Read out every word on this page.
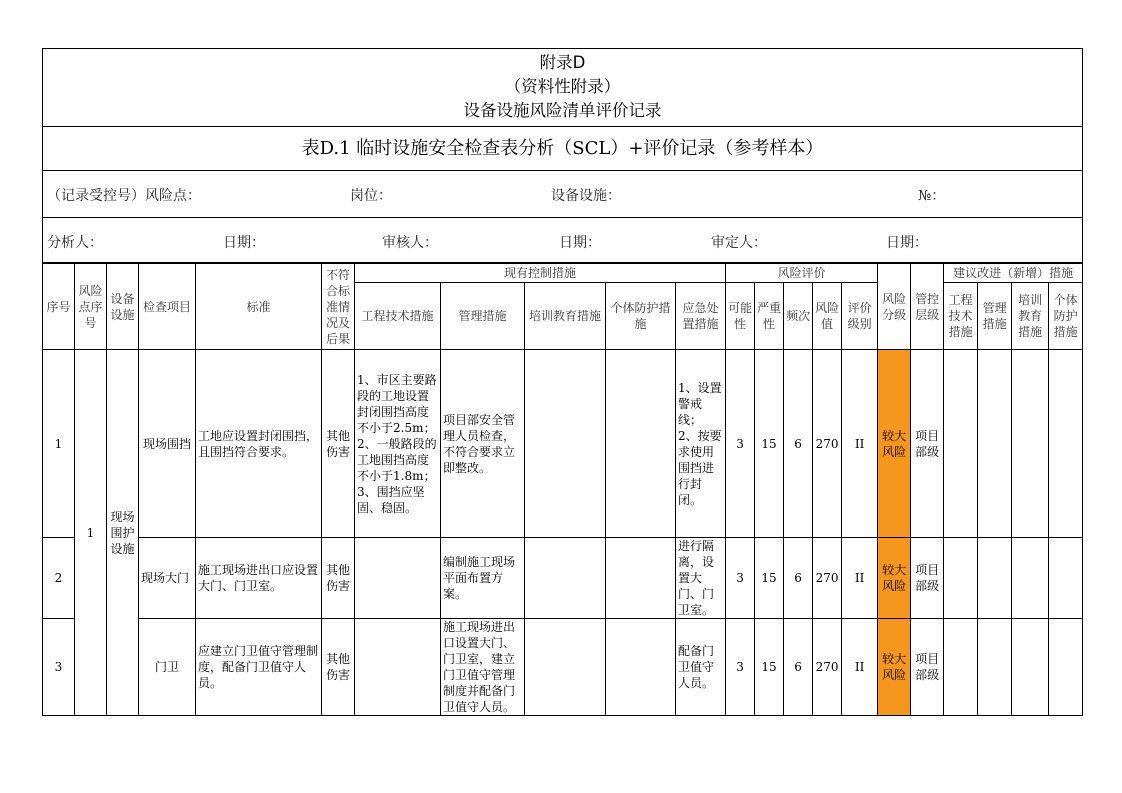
附录D
（资料性附录）
设备设施风险清单评价记录
表D.1 临时设施安全检查表分析（SCL）+评价记录（参考样本）
（记录受控号）风险点：	岗位：	设备设施：	№：
分析人：	日期：	审核人：	日期：	审定人：	日期：
序号	风险点序号	设备设施	检查项目	标准	不符合标准情况及后果	现有控制措施					风险评价					风险分级	管控层级	建议改进（新增）措施			
						工程技术措施	管理措施	培训教育措施	个体防护措施	应急处置措施	可能性	严重性	频次	风险值	评价级别			工程技术措施	管理措施	培训教育措施	个体防护措施
1	1	现场围护设施	现场围挡	工地应设置封闭围挡，且围挡符合要求。	其他伤害	1、市区主要路段的工地设置封闭围挡高度不小于2.5m；
2、一般路段的工地围挡高度不小于1.8m；
3、围挡应坚固、稳固。	项目部安全管理人员检查，不符合要求立即整改。			1、设置警戒线；
2、按要求使用围挡进行封闭。	3	15	6	270	II	较大风险	项目部级				
2			现场大门	施工现场进出口应设置大门、门卫室。	其他伤害		编制施工现场平面布置方案。			进行隔离，设置大门、门卫室。	3	15	6	270	II	较大风险	项目部级				
3			门卫	应建立门卫值守管理制度，配备门卫值守人员。	其他伤害		施工现场进出口设置大门、门卫室，建立门卫值守管理制度并配备门卫值守人员。			配备门卫值守人员。	3	15	6	270	II	较大风险	项目部级				
